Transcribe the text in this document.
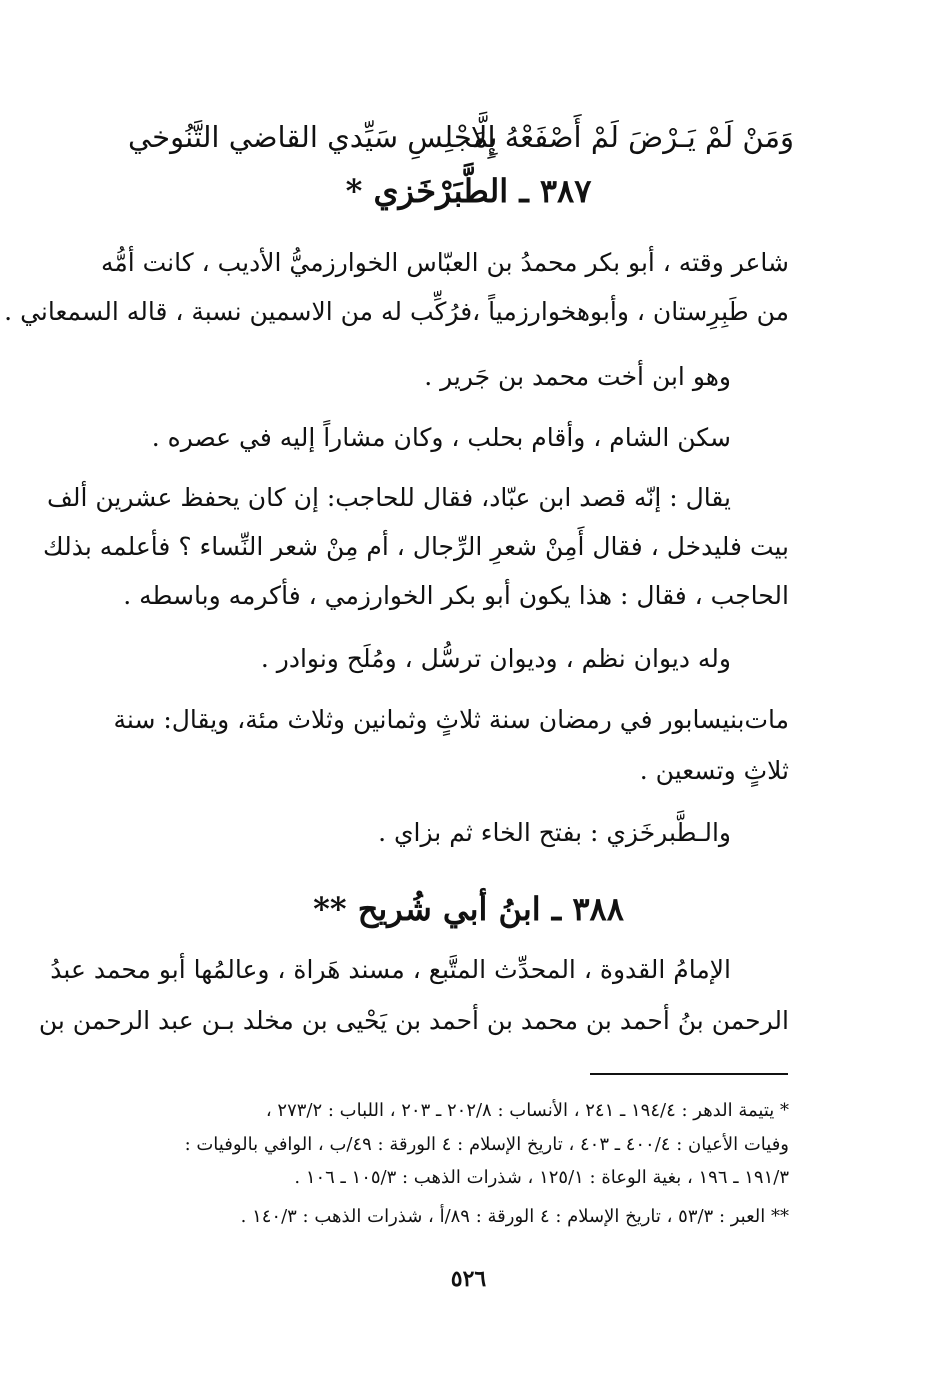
وَمَنْ لَمْ يَـرْضَ لَمْ أَصْفَعْهُ إِلَّا
بِمَجْلِسِ سَيِّدي القاضي التَّنُوخي
٣٨٧ ـ الطَّبَرْخَزي *
شاعر وقته ، أبو بكر محمدُ بن العبّاس الخوارزميُّ الأديب ، كانت أمُّه
من طَبِرِستان ، وأبوهخوارزمياً ،فرُكِّب له من الاسمين نسبة ، قاله السمعاني .
وهو ابن أخت محمد بن جَرير .
سكن الشام ، وأقام بحلب ، وكان مشاراً إليه في عصره .
يقال : إنّه قصد ابن عبّاد، فقال للحاجب: إن كان يحفظ عشرين ألف
بيت فليدخل ، فقال أَمِنْ شعرِ الرِّجال ، أم مِنْ شعر النِّساء ؟ فأعلمه بذلك
الحاجب ، فقال : هذا يكون أبو بكر الخوارزمي ، فأكرمه وباسطه .
وله ديوان نظم ، وديوان ترسُّل ، ومُلَح ونوادر .
مات‌بنيسابور في رمضان سنة ثلاثٍ وثمانين وثلاث مئة، ويقال: سنة
ثلاثٍ وتسعين .
والـطَّبرخَزي : بفتح الخاء ثم بزاي .
٣٨٨ ـ ابنُ أبي شُريح **
الإمامُ القدوة ، المحدِّث المتَّبع ، مسند هَراة ، وعالمُها أبو محمد عبدُ
الرحمن بنُ أحمد بن محمد بن أحمد بن يَحْيى بن مخلد بـن عبد الرحمن بن
* يتيمة الدهر : ١٩٤/٤ ـ ٢٤١ ، الأنساب : ٢٠٢/٨ ـ ٢٠٣ ، اللباب : ٢٧٣/٢ ،
وفيات الأعيان : ٤٠٠/٤ ـ ٤٠٣ ، تاريخ الإسلام : ٤ الورقة : ٤٩/ب ، الوافي بالوفيات :
١٩١/٣ ـ ١٩٦ ، بغية الوعاة : ١٢٥/١ ، شذرات الذهب : ١٠٥/٣ ـ ١٠٦ .
** العبر : ٥٣/٣ ، تاريخ الإسلام : ٤ الورقة : ٨٩/أ ، شذرات الذهب : ١٤٠/٣ .
٥٢٦
